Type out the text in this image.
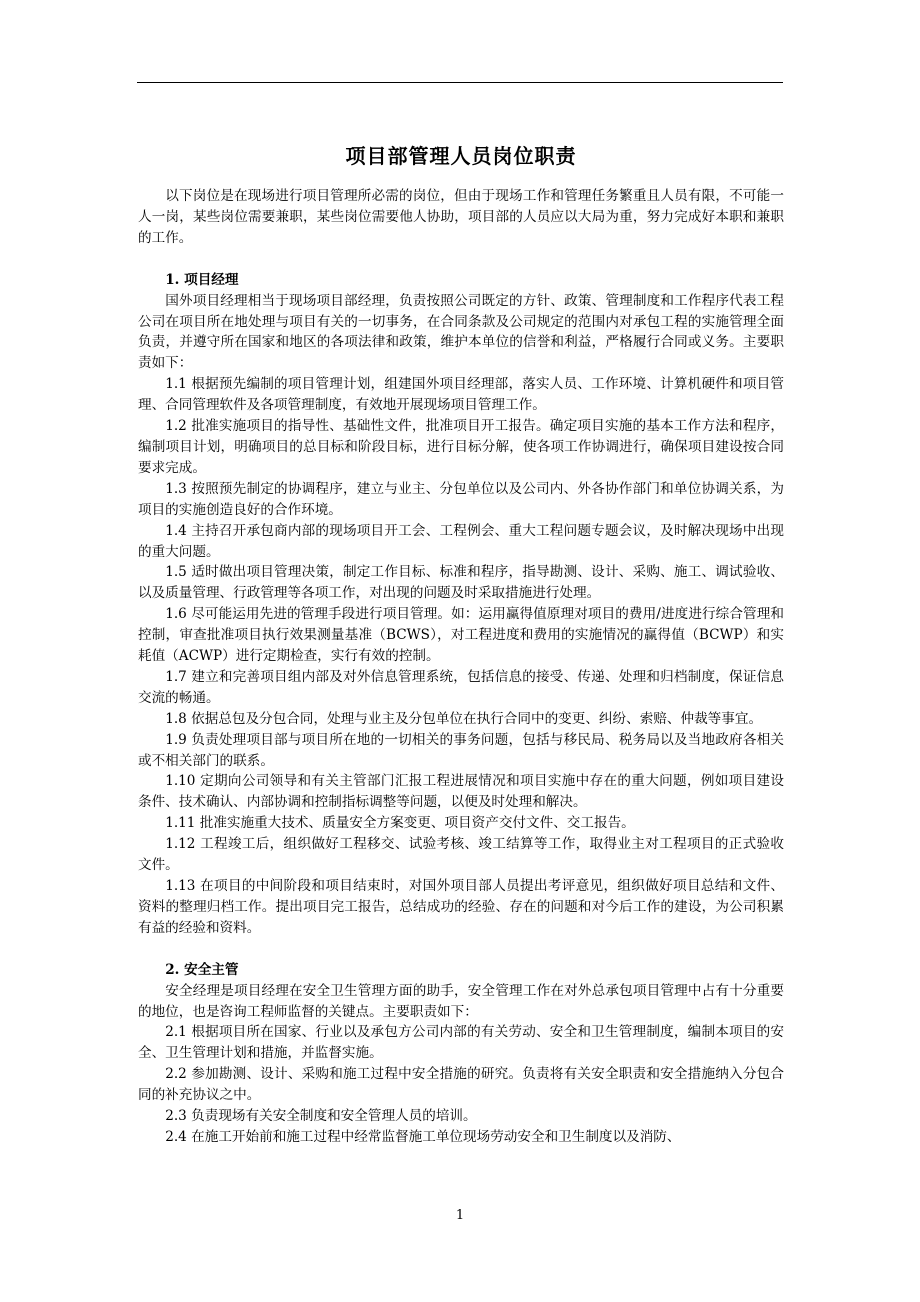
项目部管理人员岗位职责

以下岗位是在现场进行项目管理所必需的岗位，但由于现场工作和管理任务繁重且人员有限，不可能一人一岗，某些岗位需要兼职，某些岗位需要他人协助，项目部的人员应以大局为重，努力完成好本职和兼职的工作。

1. 项目经理

国外项目经理相当于现场项目部经理，负责按照公司既定的方针、政策、管理制度和工作程序代表工程公司在项目所在地处理与项目有关的一切事务，在合同条款及公司规定的范围内对承包工程的实施管理全面负责，并遵守所在国家和地区的各项法律和政策，维护本单位的信誉和利益，严格履行合同或义务。主要职责如下：

1.1 根据预先编制的项目管理计划，组建国外项目经理部，落实人员、工作环境、计算机硬件和项目管理、合同管理软件及各项管理制度，有效地开展现场项目管理工作。

1.2 批准实施项目的指导性、基础性文件，批准项目开工报告。确定项目实施的基本工作方法和程序，编制项目计划，明确项目的总目标和阶段目标，进行目标分解，使各项工作协调进行，确保项目建设按合同要求完成。

1.3 按照预先制定的协调程序，建立与业主、分包单位以及公司内、外各协作部门和单位协调关系，为项目的实施创造良好的合作环境。

1.4 主持召开承包商内部的现场项目开工会、工程例会、重大工程问题专题会议，及时解决现场中出现的重大问题。

1.5 适时做出项目管理决策，制定工作目标、标准和程序，指导勘测、设计、采购、施工、调试验收、以及质量管理、行政管理等各项工作，对出现的问题及时采取措施进行处理。

1.6 尽可能运用先进的管理手段进行项目管理。如：运用赢得值原理对项目的费用/进度进行综合管理和控制，审查批准项目执行效果测量基准（BCWS），对工程进度和费用的实施情况的赢得值（BCWP）和实耗值（ACWP）进行定期检查，实行有效的控制。

1.7 建立和完善项目组内部及对外信息管理系统，包括信息的接受、传递、处理和归档制度，保证信息交流的畅通。

1.8 依据总包及分包合同，处理与业主及分包单位在执行合同中的变更、纠纷、索赔、仲裁等事宜。

1.9 负责处理项目部与项目所在地的一切相关的事务问题，包括与移民局、税务局以及当地政府各相关或不相关部门的联系。

1.10 定期向公司领导和有关主管部门汇报工程进展情况和项目实施中存在的重大问题，例如项目建设条件、技术确认、内部协调和控制指标调整等问题，以便及时处理和解决。

1.11 批准实施重大技术、质量安全方案变更、项目资产交付文件、交工报告。

1.12 工程竣工后，组织做好工程移交、试验考核、竣工结算等工作，取得业主对工程项目的正式验收文件。

1.13 在项目的中间阶段和项目结束时，对国外项目部人员提出考评意见，组织做好项目总结和文件、资料的整理归档工作。提出项目完工报告，总结成功的经验、存在的问题和对今后工作的建设，为公司积累有益的经验和资料。

2. 安全主管

安全经理是项目经理在安全卫生管理方面的助手，安全管理工作在对外总承包项目管理中占有十分重要的地位，也是咨询工程师监督的关键点。主要职责如下：

2.1 根据项目所在国家、行业以及承包方公司内部的有关劳动、安全和卫生管理制度，编制本项目的安全、卫生管理计划和措施，并监督实施。

2.2 参加勘测、设计、采购和施工过程中安全措施的研究。负责将有关安全职责和安全措施纳入分包合同的补充协议之中。

2.3 负责现场有关安全制度和安全管理人员的培训。

2.4 在施工开始前和施工过程中经常监督施工单位现场劳动安全和卫生制度以及消防、

1
